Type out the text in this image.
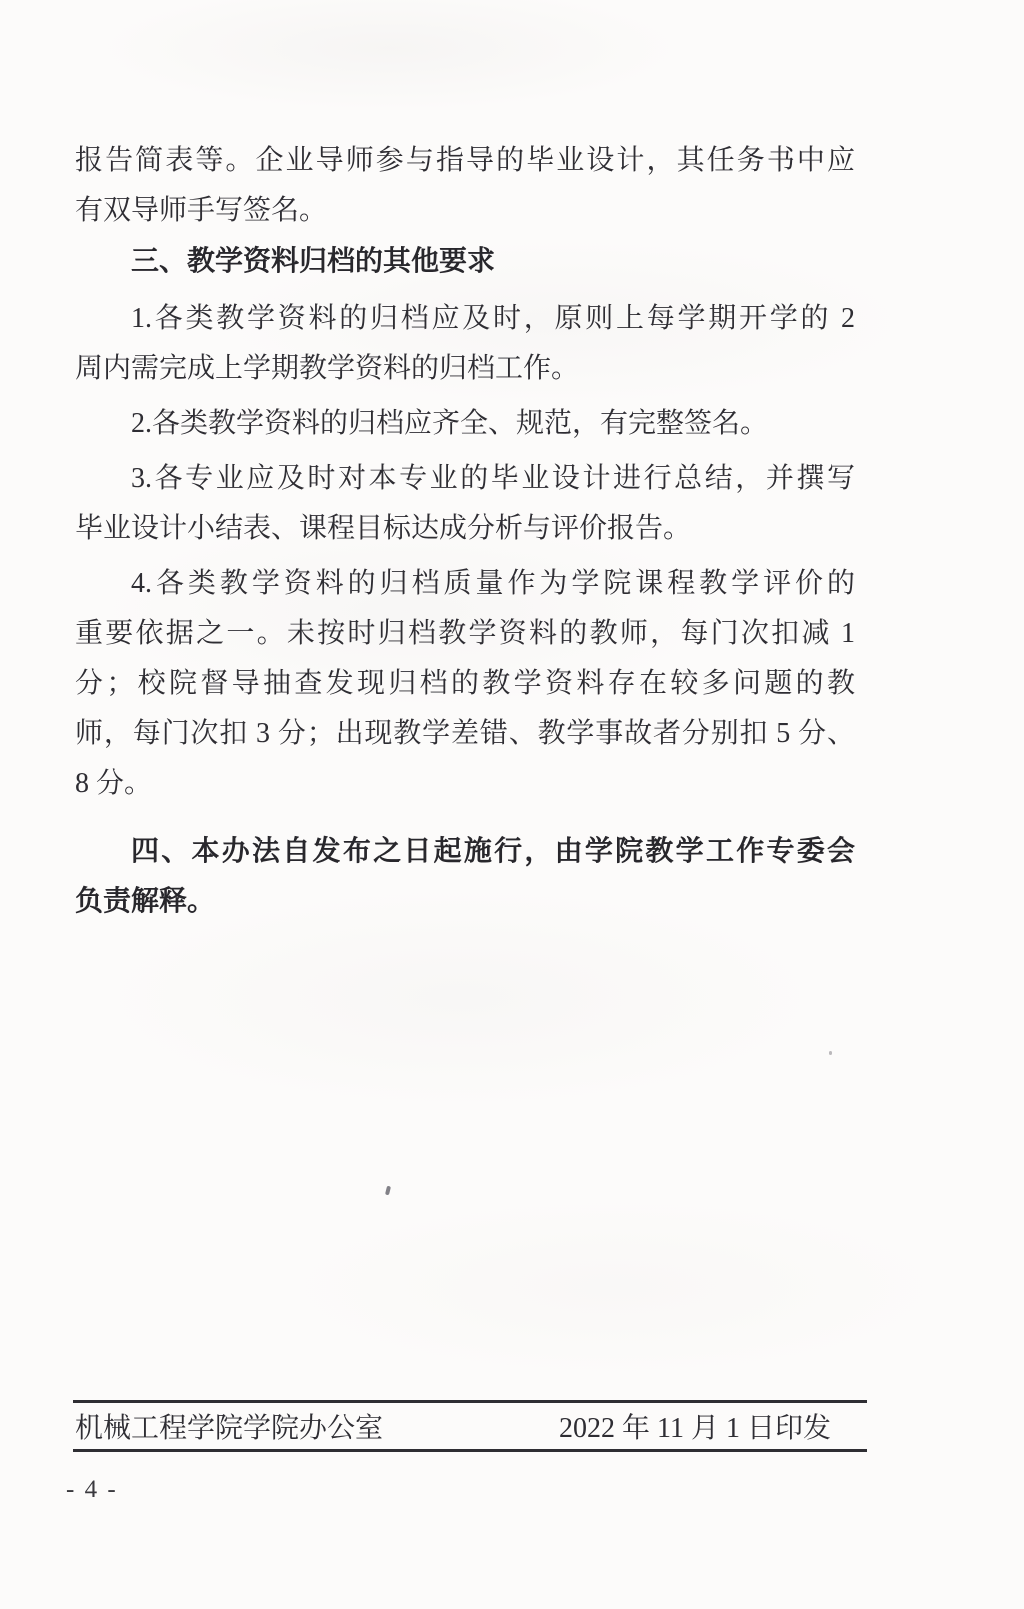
报告简表等。企业导师参与指导的毕业设计，其任务书中应
有双导师手写签名。
三、教学资料归档的其他要求
1.各类教学资料的归档应及时，原则上每学期开学的 2
周内需完成上学期教学资料的归档工作。
2.各类教学资料的归档应齐全、规范，有完整签名。
3.各专业应及时对本专业的毕业设计进行总结，并撰写
毕业设计小结表、课程目标达成分析与评价报告。
4.各类教学资料的归档质量作为学院课程教学评价的
重要依据之一。未按时归档教学资料的教师，每门次扣减 1
分；校院督导抽查发现归档的教学资料存在较多问题的教
师，每门次扣 3 分；出现教学差错、教学事故者分别扣 5 分、
8 分。
四、本办法自发布之日起施行，由学院教学工作专委会
负责解释。
机械工程学院学院办公室	2022 年 11 月 1 日印发
- 4 -
